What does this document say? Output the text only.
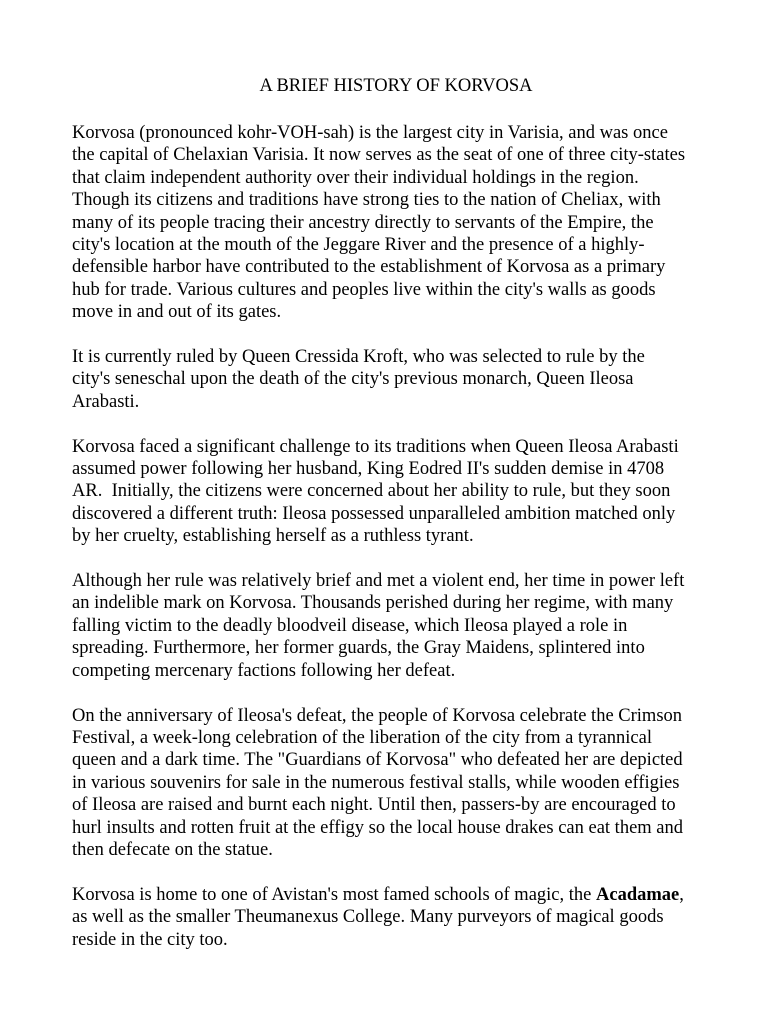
A BRIEF HISTORY OF KORVOSA

Korvosa (pronounced kohr-VOH-sah) is the largest city in Varisia, and was once
the capital of Chelaxian Varisia. It now serves as the seat of one of three city-states
that claim independent authority over their individual holdings in the region.
Though its citizens and traditions have strong ties to the nation of Cheliax, with
many of its people tracing their ancestry directly to servants of the Empire, the
city's location at the mouth of the Jeggare River and the presence of a highly-
defensible harbor have contributed to the establishment of Korvosa as a primary
hub for trade. Various cultures and peoples live within the city's walls as goods
move in and out of its gates.

It is currently ruled by Queen Cressida Kroft, who was selected to rule by the
city's seneschal upon the death of the city's previous monarch, Queen Ileosa
Arabasti.

Korvosa faced a significant challenge to its traditions when Queen Ileosa Arabasti
assumed power following her husband, King Eodred II's sudden demise in 4708
AR.  Initially, the citizens were concerned about her ability to rule, but they soon
discovered a different truth: Ileosa possessed unparalleled ambition matched only
by her cruelty, establishing herself as a ruthless tyrant.

Although her rule was relatively brief and met a violent end, her time in power left
an indelible mark on Korvosa. Thousands perished during her regime, with many
falling victim to the deadly bloodveil disease, which Ileosa played a role in
spreading. Furthermore, her former guards, the Gray Maidens, splintered into
competing mercenary factions following her defeat.

On the anniversary of Ileosa's defeat, the people of Korvosa celebrate the Crimson
Festival, a week-long celebration of the liberation of the city from a tyrannical
queen and a dark time. The "Guardians of Korvosa" who defeated her are depicted
in various souvenirs for sale in the numerous festival stalls, while wooden effigies
of Ileosa are raised and burnt each night. Until then, passers-by are encouraged to
hurl insults and rotten fruit at the effigy so the local house drakes can eat them and
then defecate on the statue.

Korvosa is home to one of Avistan's most famed schools of magic, the Acadamae,
as well as the smaller Theumanexus College. Many purveyors of magical goods
reside in the city too.
